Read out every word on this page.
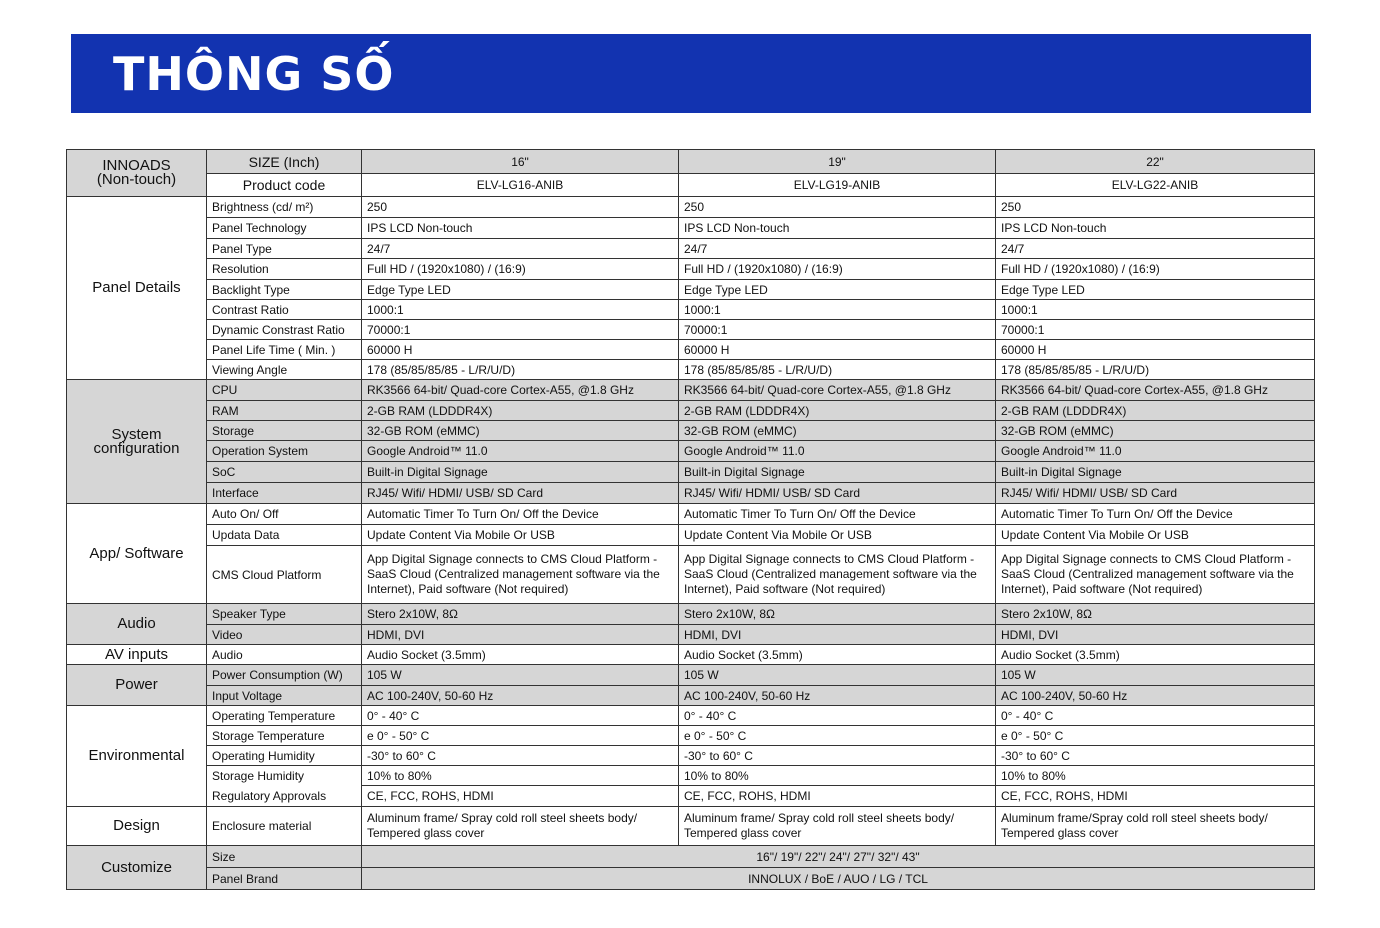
THÔNG SỐ
INNOADS
(Non-touch)	SIZE (Inch)	16"	19"	22"
	Product code	ELV-LG16-ANIB	ELV-LG19-ANIB	ELV-LG22-ANIB
Panel Details	Brightness (cd/ m²)	250	250	250
	Panel Technology	IPS LCD Non-touch	IPS LCD Non-touch	IPS LCD Non-touch
	Panel Type	24/7	24/7	24/7
	Resolution	Full HD / (1920x1080) / (16:9)	Full HD / (1920x1080) / (16:9)	Full HD / (1920x1080) / (16:9)
	Backlight Type	Edge Type LED	Edge Type LED	Edge Type LED
	Contrast Ratio	1000:1	1000:1	1000:1
	Dynamic Constrast Ratio	70000:1	70000:1	70000:1
	Panel Life Time ( Min. )	60000 H	60000 H	60000 H
	Viewing Angle	178 (85/85/85/85 - L/R/U/D)	178 (85/85/85/85 - L/R/U/D)	178 (85/85/85/85 - L/R/U/D)

System
configuration	CPU	RK3566 64-bit/ Quad-core Cortex-A55, @1.8 GHz	RK3566 64-bit/ Quad-core Cortex-A55, @1.8 GHz	RK3566 64-bit/ Quad-core Cortex-A55, @1.8 GHz
	RAM	2-GB RAM (LDDDR4X)	2-GB RAM (LDDDR4X)	2-GB RAM (LDDDR4X)
	Storage	32-GB ROM (eMMC)	32-GB ROM (eMMC)	32-GB ROM (eMMC)
	Operation System	Google Android™ 11.0	Google Android™ 11.0	Google Android™ 11.0
	SoC	Built-in Digital Signage	Built-in Digital Signage	Built-in Digital Signage
	Interface	RJ45/ Wifi/ HDMI/ USB/ SD Card	RJ45/ Wifi/ HDMI/ USB/ SD Card	RJ45/ Wifi/ HDMI/ USB/ SD Card
App/ Software	Auto On/ Off	Automatic Timer To Turn On/ Off the Device	Automatic Timer To Turn On/ Off the Device	Automatic Timer To Turn On/ Off the Device
	Updata Data	Update Content Via Mobile Or USB	Update Content Via Mobile Or USB	Update Content Via Mobile Or USB
	CMS Cloud Platform	App Digital Signage connects to CMS Cloud Platform - SaaS Cloud (Centralized management software via the Internet), Paid software (Not required)	App Digital Signage connects to CMS Cloud Platform - SaaS Cloud (Centralized management software via the Internet), Paid software (Not required)	App Digital Signage connects to CMS Cloud Platform - SaaS Cloud (Centralized management software via the Internet), Paid software (Not required)
Audio	Speaker Type	Stero 2x10W, 8Ω	Stero 2x10W, 8Ω	Stero 2x10W, 8Ω
	Video	HDMI, DVI	HDMI, DVI	HDMI, DVI
AV inputs	Audio	Audio Socket (3.5mm)	Audio Socket (3.5mm)	Audio Socket (3.5mm)
Power	Power Consumption (W)	105 W	105 W	105 W
	Input Voltage	AC 100-240V, 50-60 Hz	AC 100-240V, 50-60 Hz	AC 100-240V, 50-60 Hz
Environmental	Operating Temperature	0° - 40° C	0° - 40° C	0° - 40° C
	Storage Temperature	e 0° - 50° C	e 0° - 50° C	e 0° - 50° C
	Operating Humidity	-30° to 60° C	-30° to 60° C	-30° to 60° C
	Storage Humidity	10% to 80%	10% to 80%	10% to 80%
	Regulatory Approvals	CE, FCC, ROHS, HDMI	CE, FCC, ROHS, HDMI	CE, FCC, ROHS, HDMI
Design	Enclosure material	Aluminum frame/ Spray cold roll steel sheets body/ Tempered glass cover	Aluminum frame/ Spray cold roll steel sheets body/ Tempered glass cover	Aluminum frame/Spray cold roll steel sheets body/ Tempered glass cover
Customize	Size	16"/ 19"/ 22"/ 24"/ 27"/ 32"/ 43"		
	Panel Brand	INNOLUX / BoE / AUO / LG / TCL		
